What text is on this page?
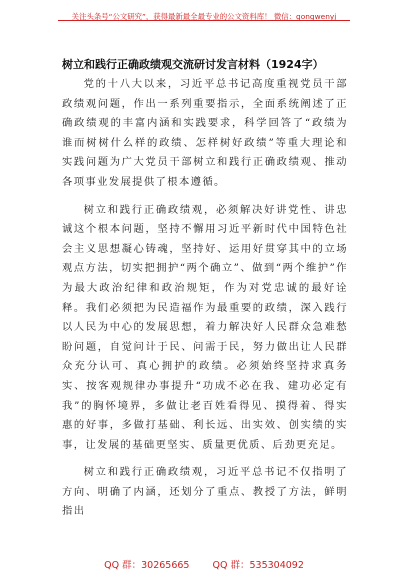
关注头条号“公文研究”，获得最新最全最专业的公文资料库！ 微信：gongwenyj
树立和践行正确政绩观交流研讨发言材料（1924字）

党的十八大以来，习近平总书记高度重视党员干部政绩观问题，作出一系列重要指示，全面系统阐述了正确政绩观的丰富内涵和实践要求，科学回答了“政绩为谁而树树什么样的政绩、怎样树好政绩”等重大理论和实践问题为广大党员干部树立和践行正确政绩观、推动各项事业发展提供了根本遵循。

树立和践行正确政绩观，必须解决好讲党性、讲忠诚这个根本问题，坚持不懈用习近平新时代中国特色社会主义思想凝心铸魂，坚持好、运用好贯穿其中的立场观点方法，切实把拥护“两个确立”、做到“两个维护”作为最大政治纪律和政治规矩，作为对党忠诚的最好诠释。我们必须把为民造福作为最重要的政绩，深入践行以人民为中心的发展思想，着力解决好人民群众急难愁盼问题，自觉问计于民、问需于民，努力做出让人民群众充分认可、真心拥护的政绩。必须始终坚持求真务实、按客观规律办事提升“功成不必在我、建功必定有我”的胸怀境界，多做让老百姓看得见、摸得着、得实惠的好事，多做打基础、利长远、出实效、创实绩的实事，让发展的基础更坚实、质量更优质、后劲更充足。

树立和践行正确政绩观，习近平总书记不仅指明了方向、明确了内涵，还划分了重点、教授了方法，鲜明指出

QQ 群：30265665 QQ 群：535304092
